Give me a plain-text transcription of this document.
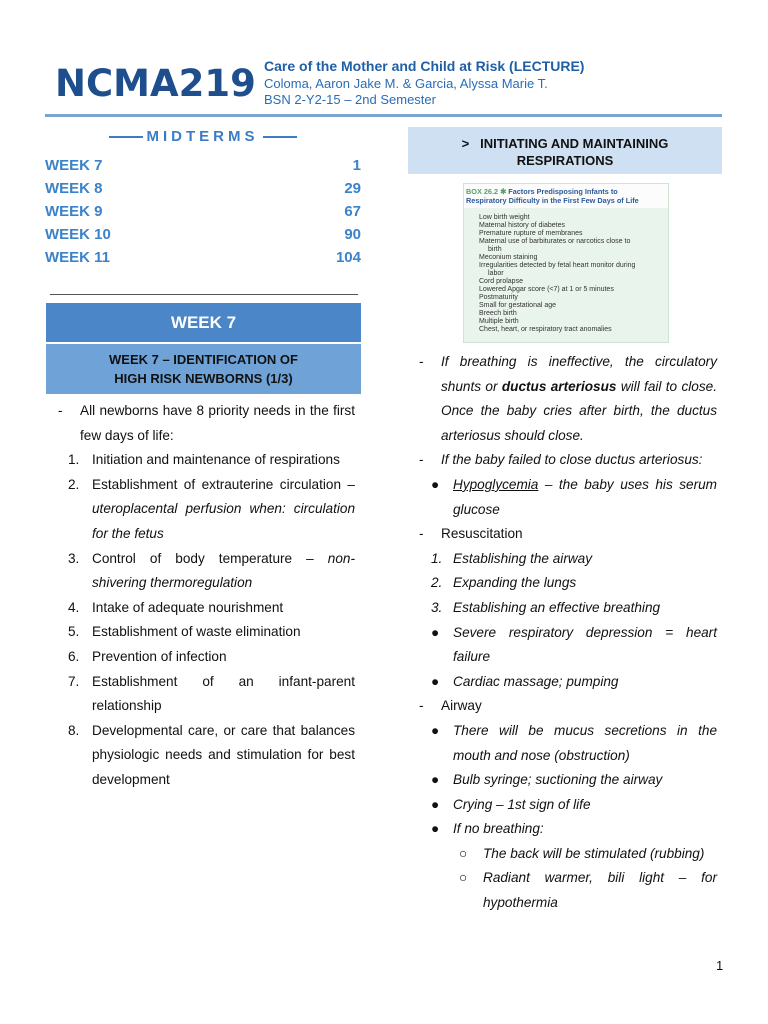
NCMA219 Care of the Mother and Child at Risk (LECTURE)
Coloma, Aaron Jake M. & Garcia, Alyssa Marie T.
BSN 2-Y2-15 – 2nd Semester
MIDTERMS
WEEK 7	1
WEEK 8	29
WEEK 9	67
WEEK 10	90
WEEK 11	104
WEEK 7
WEEK 7 – IDENTIFICATION OF
HIGH RISK NEWBORNS (1/3)
- All newborns have 8 priority needs in the first few days of life:
1. Initiation and maintenance of respirations
2. Establishment of extrauterine circulation – uteroplacental perfusion when: circulation for the fetus
3. Control of body temperature – non-shivering thermoregulation
4. Intake of adequate nourishment
5. Establishment of waste elimination
6. Prevention of infection
7. Establishment of an infant-parent relationship
8. Developmental care, or care that balances physiologic needs and stimulation for best development
> INITIATING AND MAINTAINING
RESPIRATIONS
BOX 26.2 ✱ Factors Predisposing Infants to
Respiratory Difficulty in the First Few Days of Life
Low birth weight
Maternal history of diabetes
Premature rupture of membranes
Maternal use of barbiturates or narcotics close to
birth
Meconium staining
Irregularities detected by fetal heart monitor during
labor
Cord prolapse
Lowered Apgar score (<7) at 1 or 5 minutes
Postmaturity
Small for gestational age
Breech birth
Multiple birth
Chest, heart, or respiratory tract anomalies
- If breathing is ineffective, the circulatory shunts or ductus arteriosus will fail to close. Once the baby cries after birth, the ductus arteriosus should close.
- If the baby failed to close ductus arteriosus:
● Hypoglycemia – the baby uses his serum glucose
- Resuscitation
1. Establishing the airway
2. Expanding the lungs
3. Establishing an effective breathing
● Severe respiratory depression = heart failure
● Cardiac massage; pumping
- Airway
● There will be mucus secretions in the mouth and nose (obstruction)
● Bulb syringe; suctioning the airway
● Crying – 1st sign of life
● If no breathing:
○ The back will be stimulated (rubbing)
○ Radiant warmer, bili light – for hypothermia
1
